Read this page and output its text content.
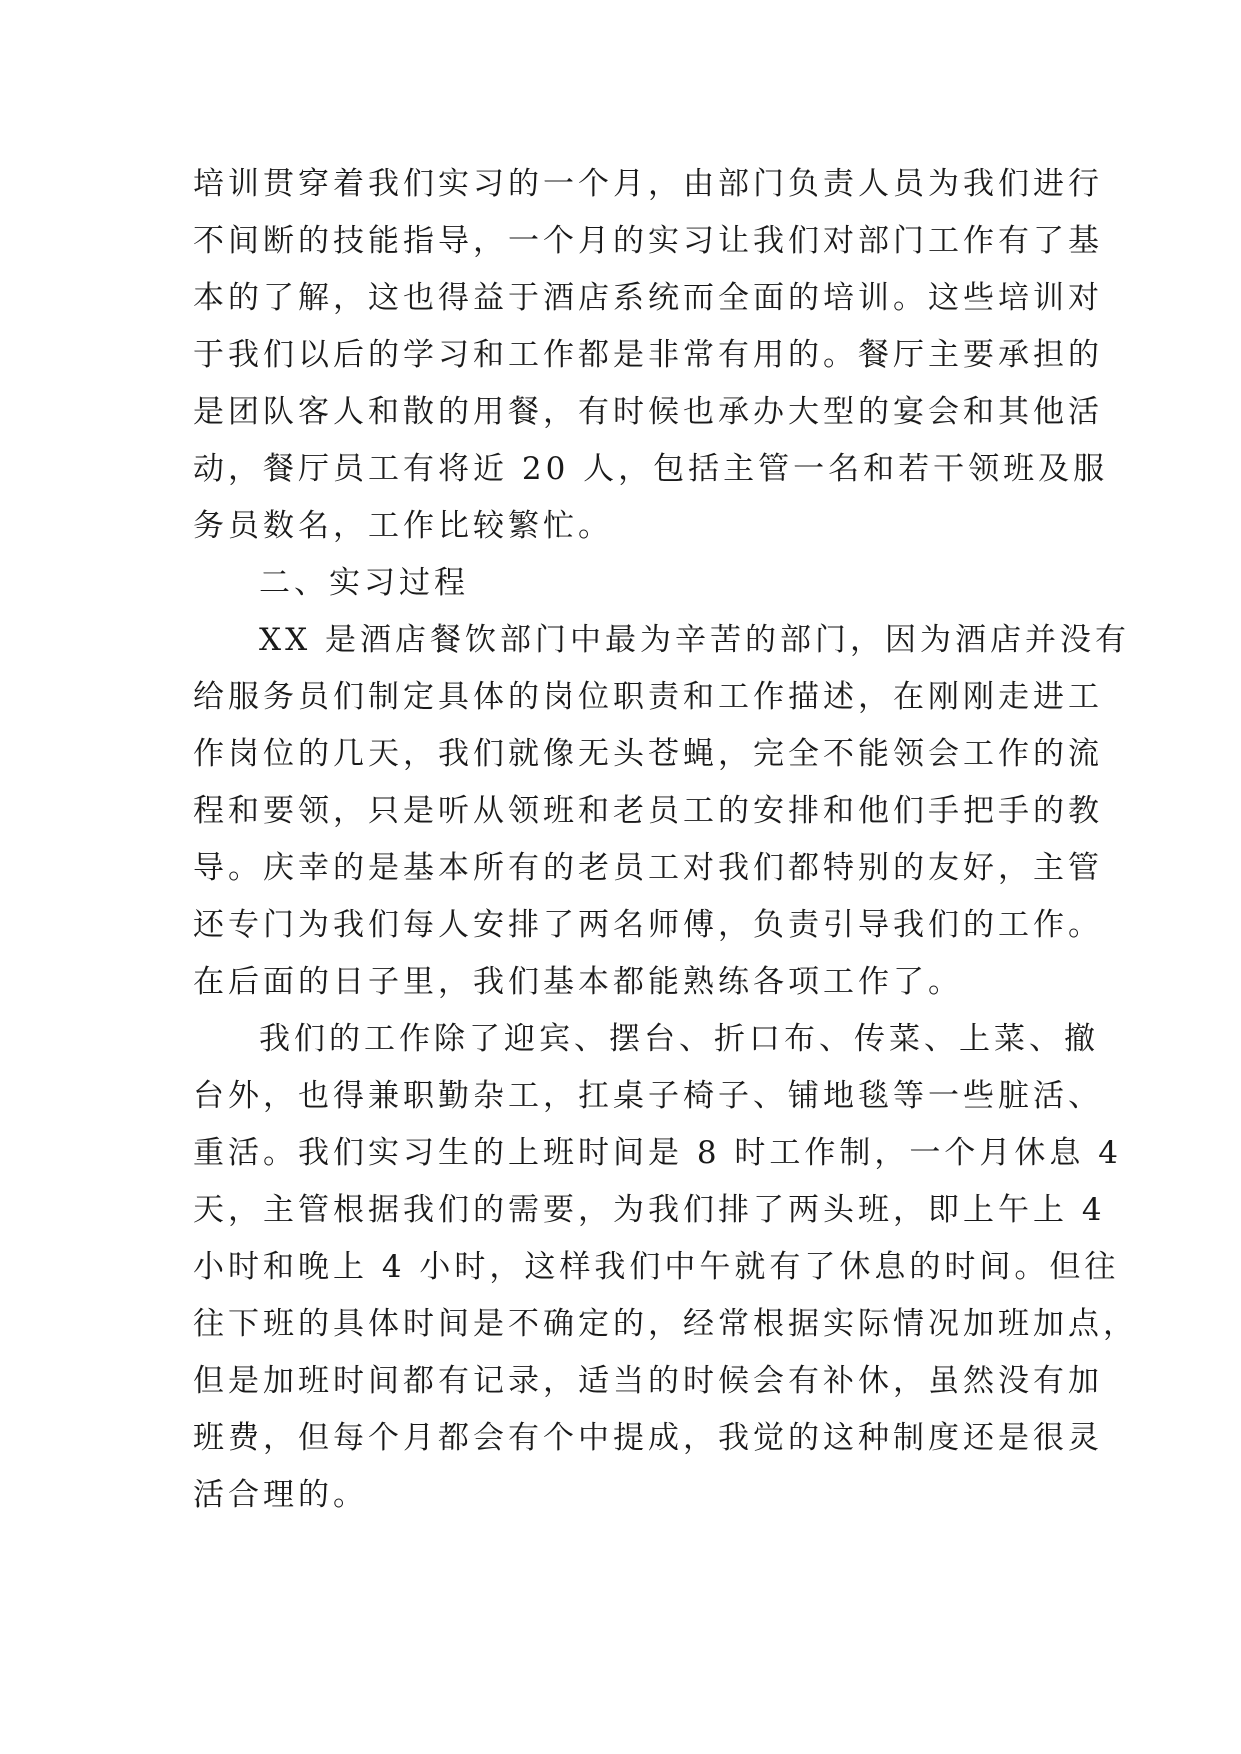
培训贯穿着我们实习的一个月，由部门负责人员为我们进行
不间断的技能指导，一个月的实习让我们对部门工作有了基
本的了解，这也得益于酒店系统而全面的培训。这些培训对
于我们以后的学习和工作都是非常有用的。餐厅主要承担的
是团队客人和散的用餐，有时候也承办大型的宴会和其他活
动，餐厅员工有将近 20 人，包括主管一名和若干领班及服
务员数名，工作比较繁忙。
二、实习过程
XX 是酒店餐饮部门中最为辛苦的部门，因为酒店并没有
给服务员们制定具体的岗位职责和工作描述，在刚刚走进工
作岗位的几天，我们就像无头苍蝇，完全不能领会工作的流
程和要领，只是听从领班和老员工的安排和他们手把手的教
导。庆幸的是基本所有的老员工对我们都特别的友好，主管
还专门为我们每人安排了两名师傅，负责引导我们的工作。
在后面的日子里，我们基本都能熟练各项工作了。
我们的工作除了迎宾、摆台、折口布、传菜、上菜、撤
台外，也得兼职勤杂工，扛桌子椅子、铺地毯等一些脏活、
重活。我们实习生的上班时间是 8 时工作制，一个月休息 4
天，主管根据我们的需要，为我们排了两头班，即上午上 4
小时和晚上 4 小时，这样我们中午就有了休息的时间。但往
往下班的具体时间是不确定的，经常根据实际情况加班加点，
但是加班时间都有记录，适当的时候会有补休，虽然没有加
班费，但每个月都会有个中提成，我觉的这种制度还是很灵
活合理的。
